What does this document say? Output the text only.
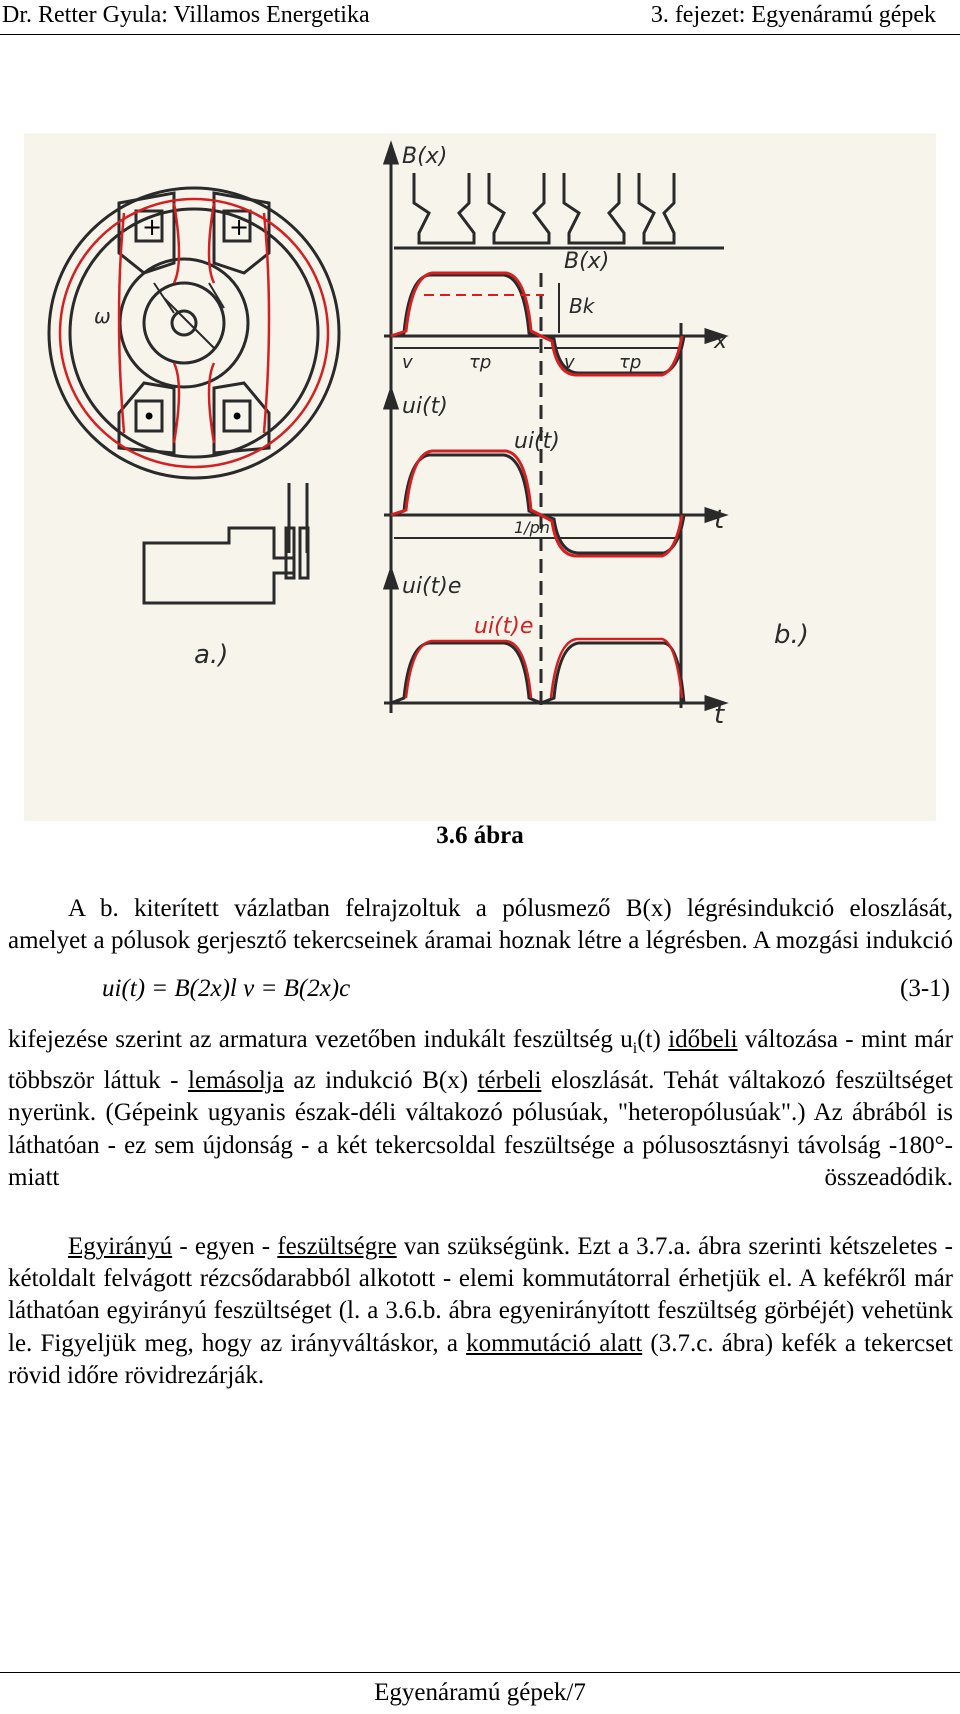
Dr. Retter Gyula: Villamos Energetika	3. fejezet: Egyenáramú gépek
+	+
•	•
ω
a.)
b.)
B(x)
B(x)
Bk
x
v	v
τp	τp
ui(t)
ui(t)
t
1/pn
ui(t)e
ui(t)e
t
3.6 ábra
A b. kiterített vázlatban felrajzoltuk a pólusmező B(x) légrésindukció eloszlását, amelyet a pólusok gerjesztő tekercseinek áramai hoznak létre a légrésben. A mozgási indukció
ui(t) = B(2x)l v = B(2x)c	(3-1)
kifejezése szerint az armatura vezetőben indukált feszültség $u_i(t)$ időbeli változása - mint már többször láttuk - lemásolja az indukció B(x) térbeli eloszlását. Tehát váltakozó feszültséget nyerünk. (Gépeink ugyanis észak-déli váltakozó pólusúak, "heteropólusúak".) Az ábrából is láthatóan - ez sem újdonság - a két tekercsoldal feszültsége a pólusosztásnyi távolság -180°-miatt összeadódik.
Egyirányú - egyen - feszültségre van szükségünk. Ezt a 3.7.a. ábra szerinti kétszeletes - kétoldalt felvágott rézcsődarabból alkotott - elemi kommutátorral érhetjük el. A kefékről már láthatóan egyirányú feszültséget (l. a 3.6.b. ábra egyenirányított feszültség görbéjét) vehetünk le. Figyeljük meg, hogy az irányváltáskor, a kommutáció alatt (3.7.c. ábra) kefék a tekercset rövid időre rövidrezárják.
Egyenáramú gépek/7
